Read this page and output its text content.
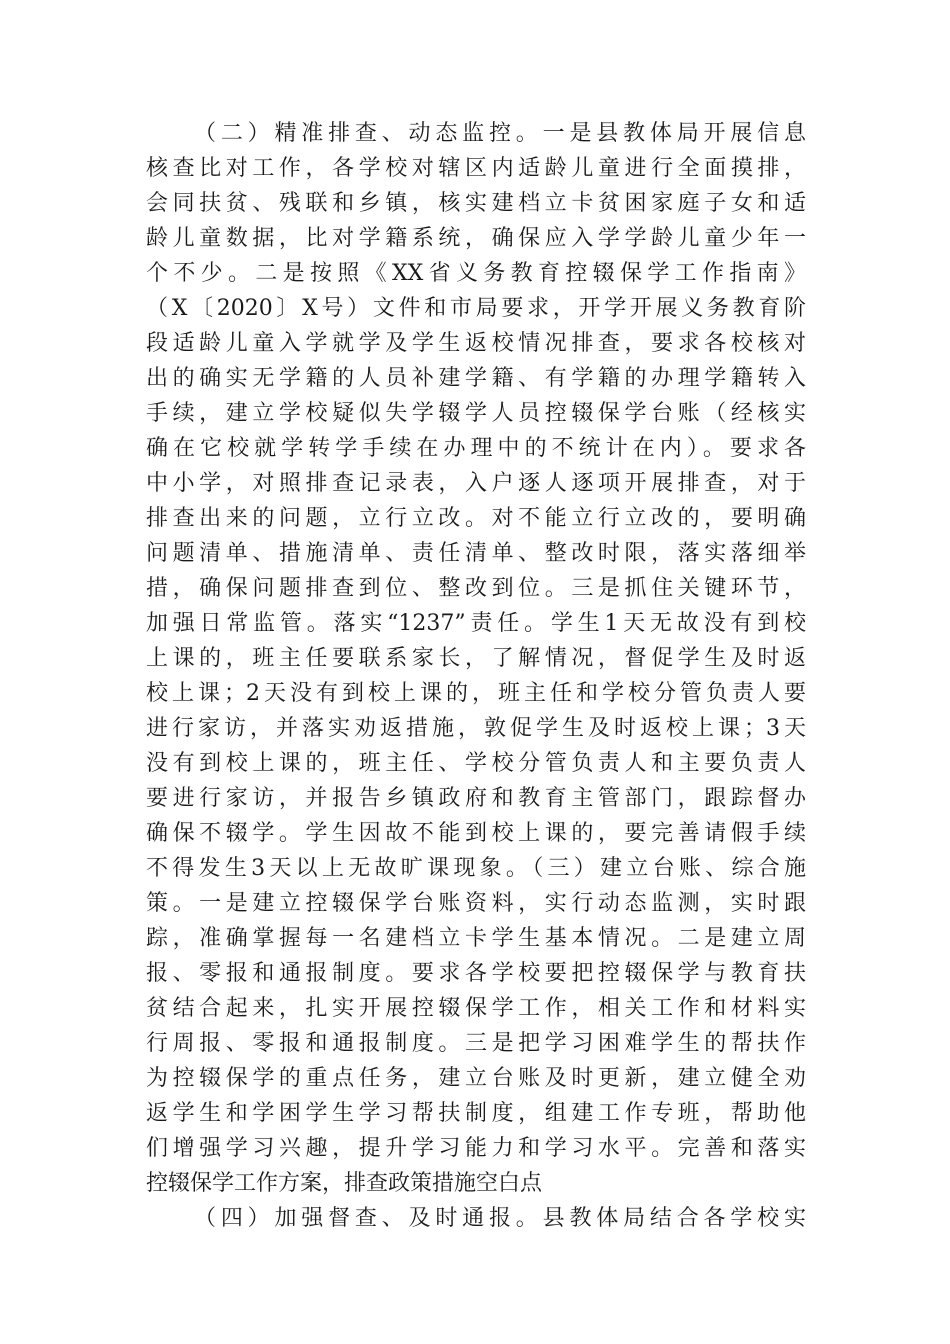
（二）精准排查、动态监控。一是县教体局开展信息
核查比对工作，各学校对辖区内适龄儿童进行全面摸排，
会同扶贫、残联和乡镇，核实建档立卡贫困家庭子女和适
龄儿童数据，比对学籍系统，确保应入学学龄儿童少年一
个不少。二是按照《XX省义务教育控辍保学工作指南》
（X〔2020〕X号）文件和市局要求，开学开展义务教育阶
段适龄儿童入学就学及学生返校情况排查，要求各校核对
出的确实无学籍的人员补建学籍、有学籍的办理学籍转入
手续，建立学校疑似失学辍学人员控辍保学台账（经核实
确在它校就学转学手续在办理中的不统计在内）。要求各
中小学，对照排查记录表，入户逐人逐项开展排查，对于
排查出来的问题，立行立改。对不能立行立改的，要明确
问题清单、措施清单、责任清单、整改时限，落实落细举
措，确保问题排查到位、整改到位。三是抓住关键环节，
加强日常监管。落实“1237”责任。学生1天无故没有到校
上课的，班主任要联系家长，了解情况，督促学生及时返
校上课；2天没有到校上课的，班主任和学校分管负责人要
进行家访，并落实劝返措施，敦促学生及时返校上课；3天
没有到校上课的，班主任、学校分管负责人和主要负责人
要进行家访，并报告乡镇政府和教育主管部门，跟踪督办
确保不辍学。学生因故不能到校上课的，要完善请假手续
不得发生3天以上无故旷课现象。（三）建立台账、综合施
策。一是建立控辍保学台账资料，实行动态监测，实时跟
踪，准确掌握每一名建档立卡学生基本情况。二是建立周
报、零报和通报制度。要求各学校要把控辍保学与教育扶
贫结合起来，扎实开展控辍保学工作，相关工作和材料实
行周报、零报和通报制度。三是把学习困难学生的帮扶作
为控辍保学的重点任务，建立台账及时更新，建立健全劝
返学生和学困学生学习帮扶制度，组建工作专班，帮助他
们增强学习兴趣，提升学习能力和学习水平。完善和落实
控辍保学工作方案，排查政策措施空白点
（四）加强督查、及时通报。县教体局结合各学校实
